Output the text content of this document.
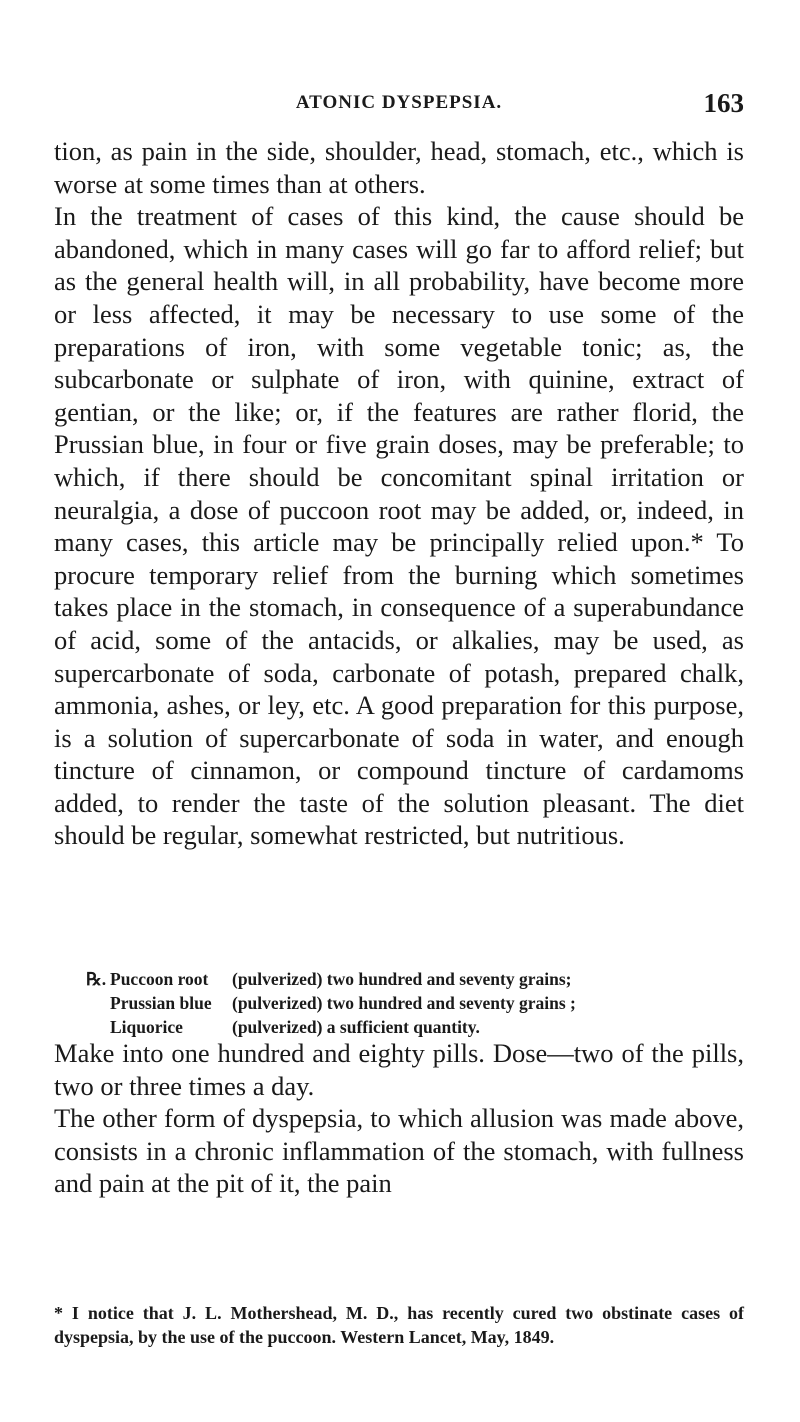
ATONIC DYSPEPSIA.	163

tion, as pain in the side, shoulder, head, stomach, etc., which is worse at some times than at others.

In the treatment of cases of this kind, the cause should be abandoned, which in many cases will go far to afford relief; but as the general health will, in all probability, have become more or less affected, it may be necessary to use some of the preparations of iron, with some vegetable tonic; as, the subcarbonate or sulphate of iron, with quinine, extract of gentian, or the like; or, if the features are rather florid, the Prussian blue, in four or five grain doses, may be preferable; to which, if there should be concomitant spinal irritation or neuralgia, a dose of puccoon root may be added, or, indeed, in many cases, this article may be principally relied upon.* To procure temporary relief from the burning which sometimes takes place in the stomach, in consequence of a superabundance of acid, some of the antacids, or alkalies, may be used, as supercarbonate of soda, carbonate of potash, prepared chalk, ammonia, ashes, or ley, etc. A good preparation for this purpose, is a solution of supercarbonate of soda in water, and enough tincture of cinnamon, or compound tincture of cardamoms added, to render the taste of the solution pleasant. The diet should be regular, somewhat restricted, but nutritious.

℞. Puccoon root (pulverized) two hundred and seventy grains;
Prussian blue (pulverized) two hundred and seventy grains ;
Liquorice	(pulverized) a sufficient quantity.

Make into one hundred and eighty pills. Dose—two of the pills, two or three times a day.

The other form of dyspepsia, to which allusion was made above, consists in a chronic inflammation of the stomach, with fullness and pain at the pit of it, the pain

* I notice that J. L. Mothershead, M. D., has recently cured two obstinate cases of dyspepsia, by the use of the puccoon. Western Lancet, May, 1849.
